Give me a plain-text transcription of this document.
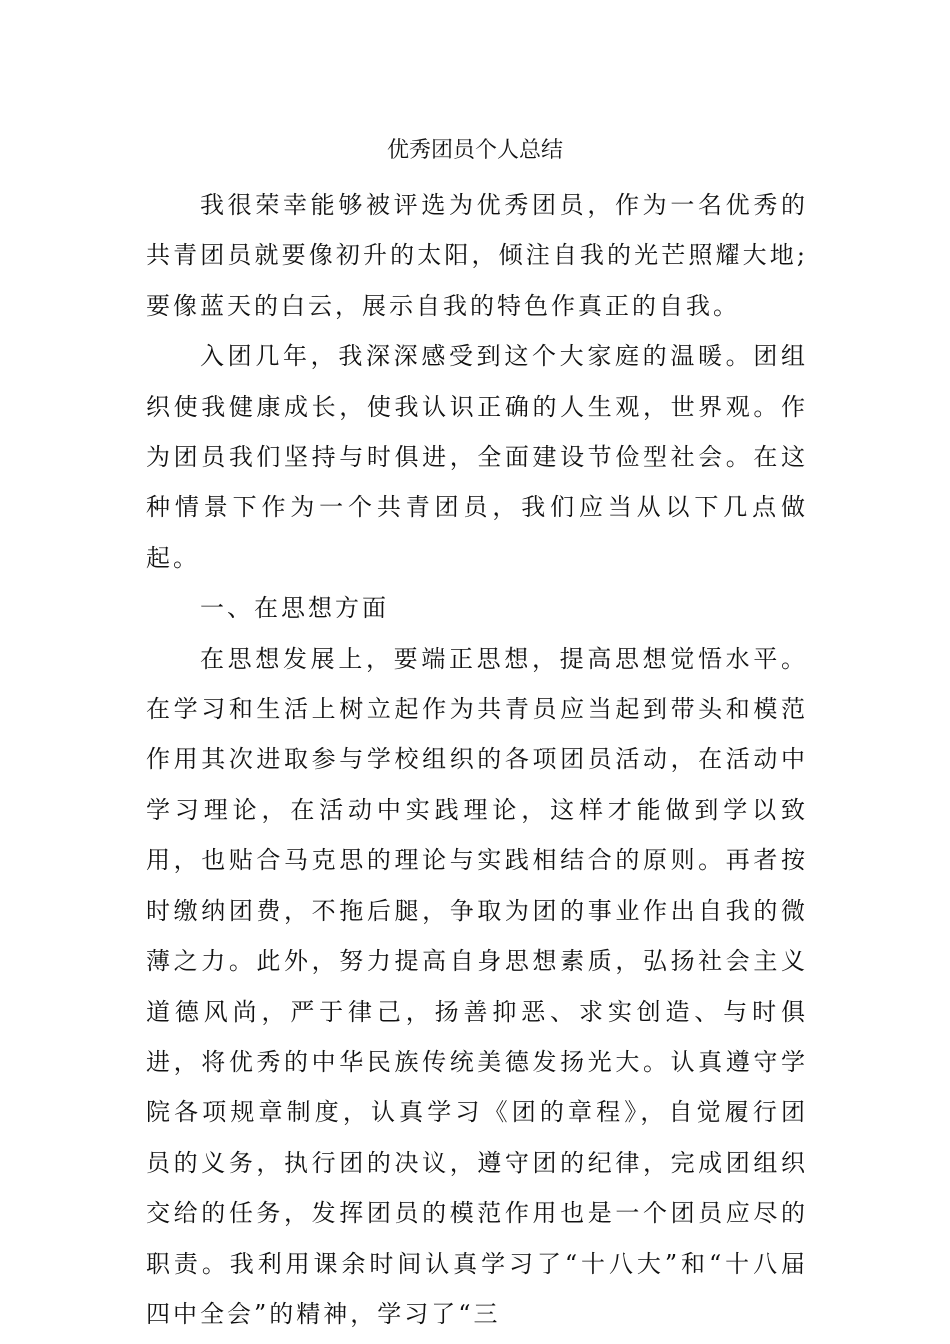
优秀团员个人总结

我很荣幸能够被评选为优秀团员，作为一名优秀的共青团员就要像初升的太阳，倾注自我的光芒照耀大地;要像蓝天的白云，展示自我的特色作真正的自我。

入团几年，我深深感受到这个大家庭的温暖。团组织使我健康成长，使我认识正确的人生观，世界观。作为团员我们坚持与时俱进，全面建设节俭型社会。在这种情景下作为一个共青团员，我们应当从以下几点做起。

一、在思想方面

在思想发展上，要端正思想，提高思想觉悟水平。在学习和生活上树立起作为共青员应当起到带头和模范作用其次进取参与学校组织的各项团员活动，在活动中学习理论，在活动中实践理论，这样才能做到学以致用，也贴合马克思的理论与实践相结合的原则。再者按时缴纳团费，不拖后腿，争取为团的事业作出自我的微薄之力。此外，努力提高自身思想素质，弘扬社会主义道德风尚，严于律己，扬善抑恶、求实创造、与时俱进，将优秀的中华民族传统美德发扬光大。认真遵守学院各项规章制度，认真学习《团的章程》，自觉履行团员的义务，执行团的决议，遵守团的纪律，完成团组织交给的任务，发挥团员的模范作用也是一个团员应尽的职责。我利用课余时间认真学习了“十八大”和“十八届四中全会”的精神，学习了“三
